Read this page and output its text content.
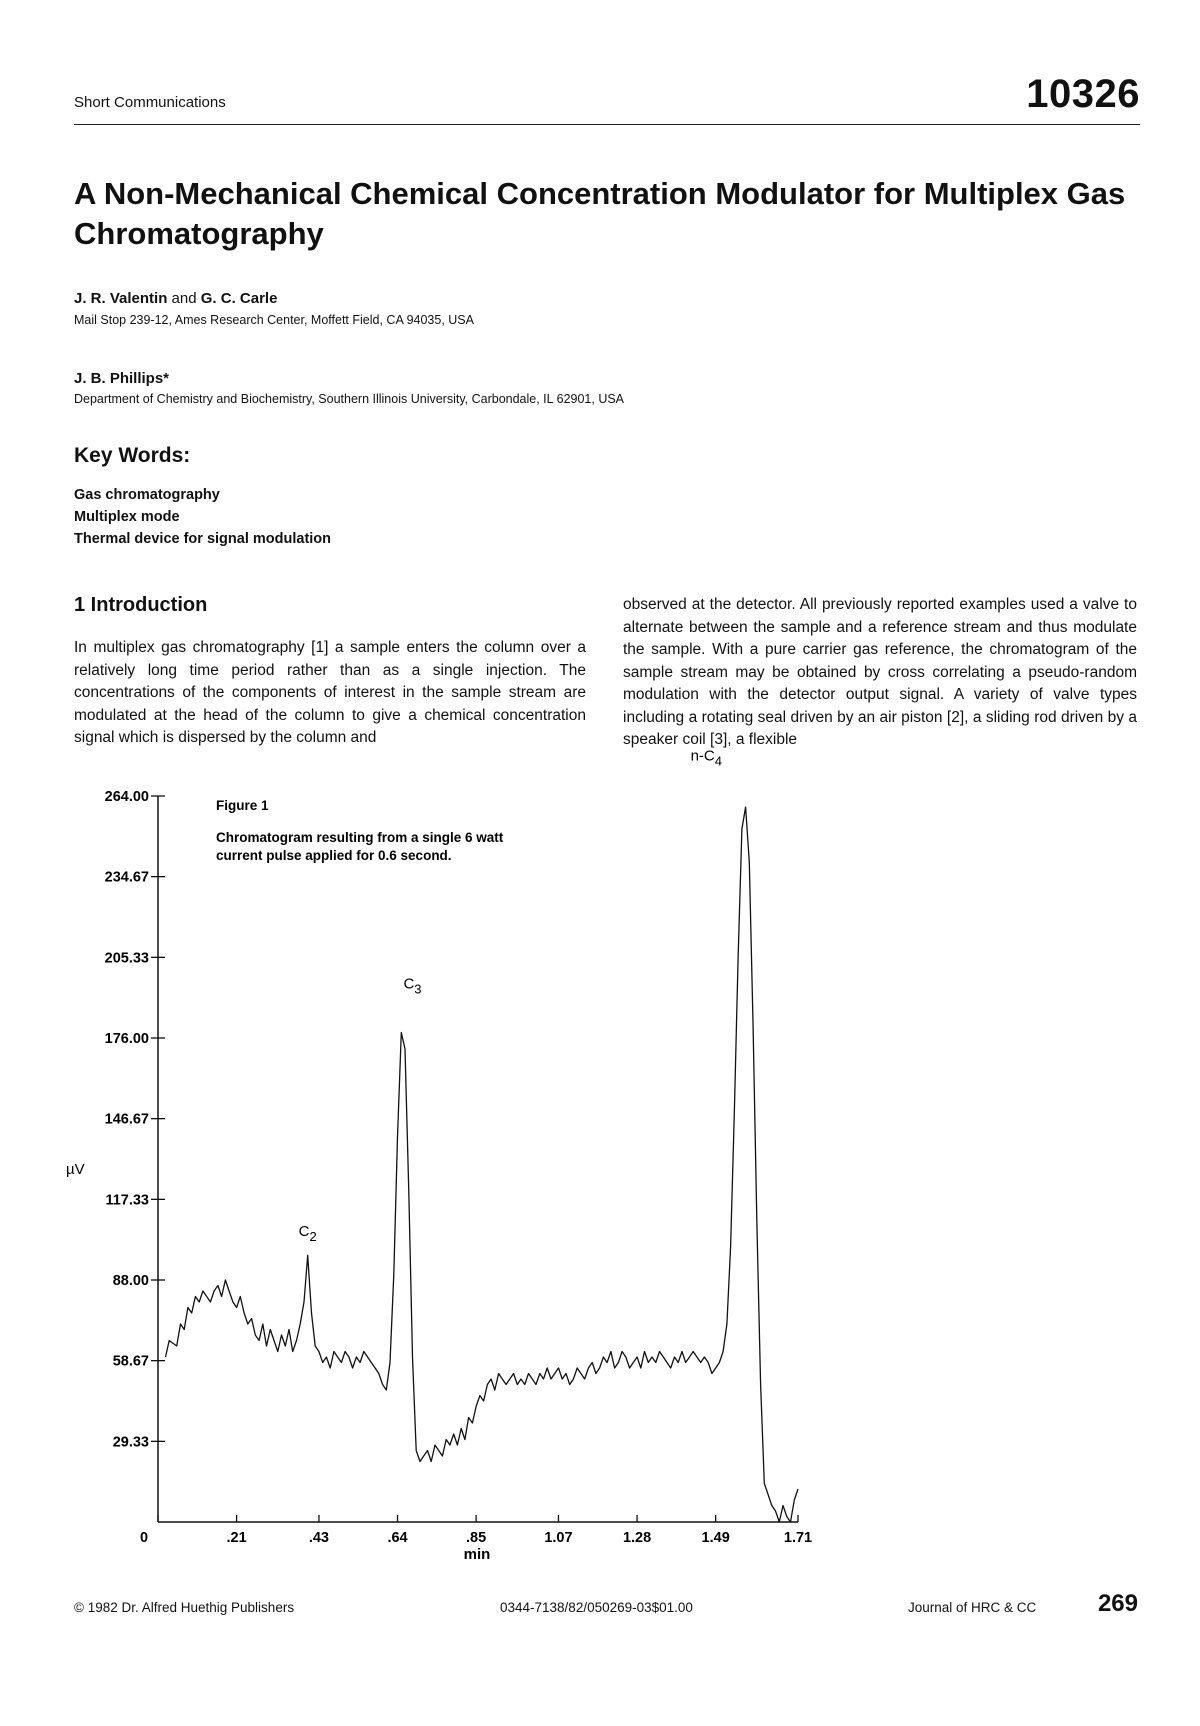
Short Communications	10326
A Non-Mechanical Chemical Concentration Modulator for Multiplex Gas Chromatography
J. R. Valentin and G. C. Carle
Mail Stop 239-12, Ames Research Center, Moffett Field, CA 94035, USA
J. B. Phillips*
Department of Chemistry and Biochemistry, Southern Illinois University, Carbondale, IL 62901, USA
Key Words:
Gas chromatography
Multiplex mode
Thermal device for signal modulation
1 Introduction
In multiplex gas chromatography [1] a sample enters the column over a relatively long time period rather than as a single injection. The concentrations of the components of interest in the sample stream are modulated at the head of the column to give a chemical concentration signal which is dispersed by the column and
observed at the detector. All previously reported examples used a valve to alternate between the sample and a reference stream and thus modulate the sample. With a pure carrier gas reference, the chromatogram of the sample stream may be obtained by cross correlating a pseudo-random modulation with the detector output signal. A variety of valve types including a rotating seal driven by an air piston [2], a sliding rod driven by a speaker coil [3], a flexible
29.33
58.67
88.00
117.33
146.67
176.00
205.33
234.67
264.00
0	.21	.43	.64	.85	1.07	1.28	1.49	1.71
C2
C3
n-C4
µV
min
Figure 1
Chromatogram resulting from a single 6 watt
current pulse applied for 0.6 second.
© 1982 Dr. Alfred Huethig Publishers	0344-7138/82/050269-03$01.00	Journal of HRC & CC	269
